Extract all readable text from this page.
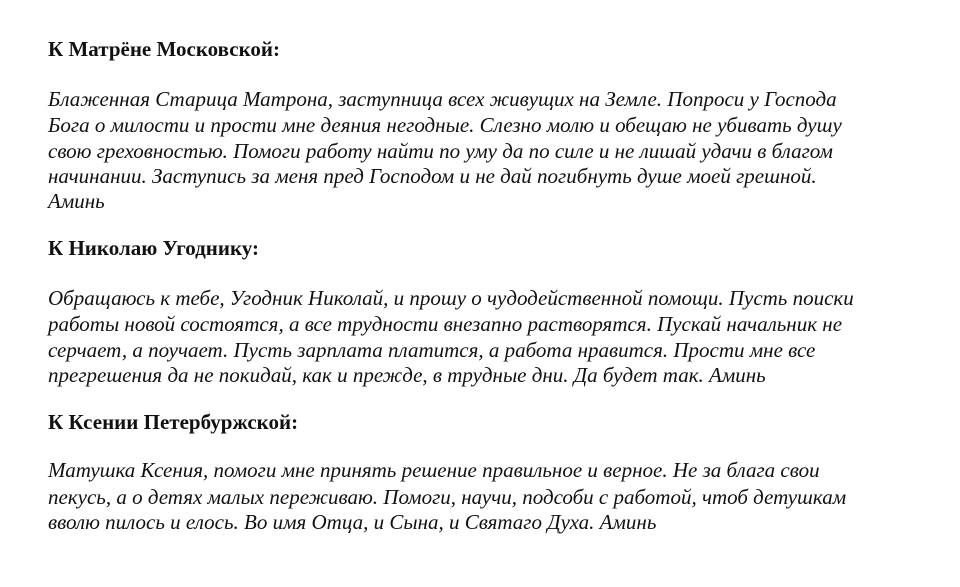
К Матрёне Московской:
Блаженная Старица Матрона, заступница всех живущих на Земле. Попроси у Господа
Бога о милости и прости мне деяния негодные. Слезно молю и обещаю не убивать душу
свою греховностью. Помоги работу найти по уму да по силе и не лишай удачи в благом
начинании. Заступись за меня пред Господом и не дай погибнуть душе моей грешной.
Аминь
К Николаю Угоднику:
Обращаюсь к тебе, Угодник Николай, и прошу о чудодейственной помощи. Пусть поиски
работы новой состоятся, а все трудности внезапно растворятся. Пускай начальник не
серчает, а поучает. Пусть зарплата платится, а работа нравится. Прости мне все
прегрешения да не покидай, как и прежде, в трудные дни. Да будет так. Аминь
К Ксении Петербуржской:
Матушка Ксения, помоги мне принять решение правильное и верное. Не за блага свои
пекусь, а о детях малых переживаю. Помоги, научи, подсоби с работой, чтоб детушкам
вволю пилось и елось. Во имя Отца, и Сына, и Святаго Духа. Аминь
